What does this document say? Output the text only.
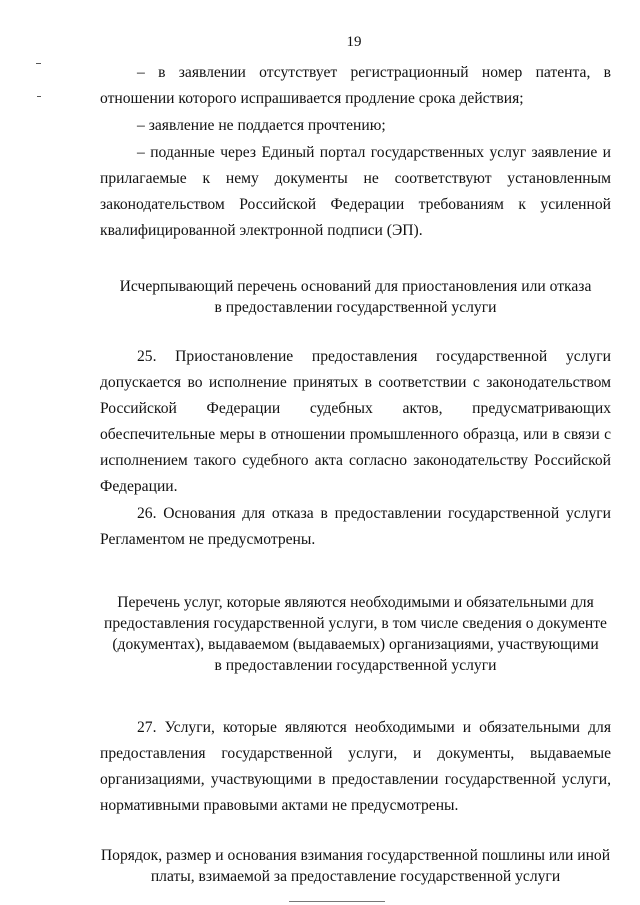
19

– в заявлении отсутствует регистрационный номер патента, в отношении которого испрашивается продление срока действия;

– заявление не поддается прочтению;

– поданные через Единый портал государственных услуг заявление и прилагаемые к нему документы не соответствуют установленным законодательством Российской Федерации требованиям к усиленной квалифицированной электронной подписи (ЭП).

Исчерпывающий перечень оснований для приостановления или отказа
в предоставлении государственной услуги

25. Приостановление предоставления государственной услуги допускается во исполнение принятых в соответствии с законодательством Российской Федерации судебных актов, предусматривающих обеспечительные меры в отношении промышленного образца, или в связи с исполнением такого судебного акта согласно законодательству Российской Федерации.

26. Основания для отказа в предоставлении государственной услуги Регламентом не предусмотрены.

Перечень услуг, которые являются необходимыми и обязательными для
предоставления государственной услуги, в том числе сведения о документе
(документах), выдаваемом (выдаваемых) организациями, участвующими
в предоставлении государственной услуги

27. Услуги, которые являются необходимыми и обязательными для предоставления государственной услуги, и документы, выдаваемые организациями, участвующими в предоставлении государственной услуги, нормативными правовыми актами не предусмотрены.

Порядок, размер и основания взимания государственной пошлины или иной
платы, взимаемой за предоставление государственной услуги
